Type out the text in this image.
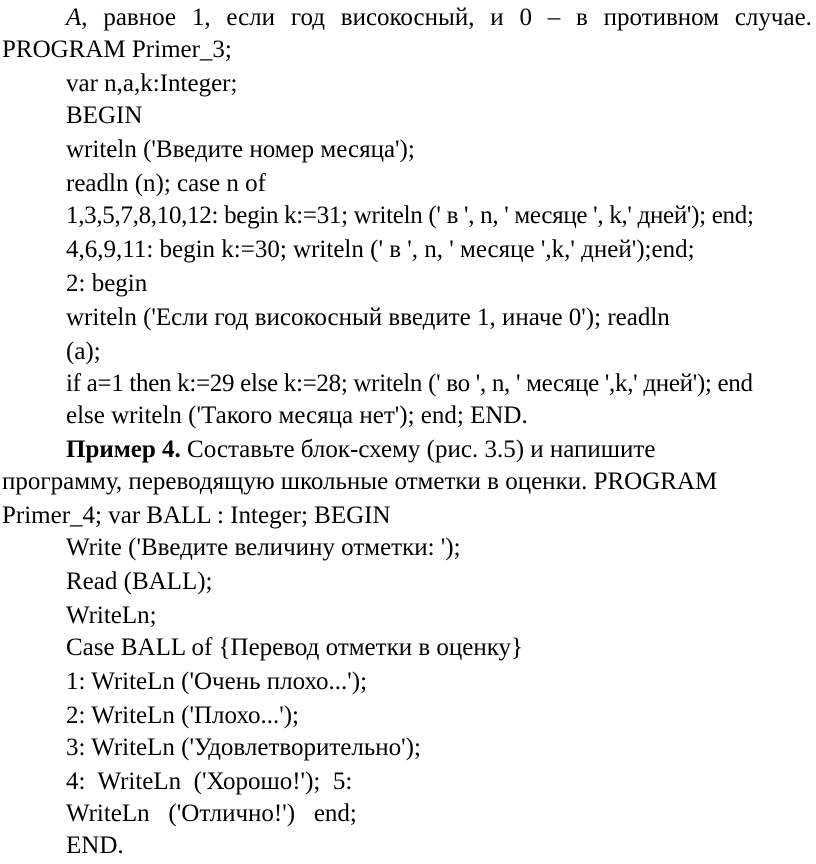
A, равное 1, если год високосный, и 0 – в противном случае.
PROGRAM Primer_3;
var n,a,k:Integer;
BEGIN
writeln ('Введите номер месяца');
readln (n); case n of
1,3,5,7,8,10,12: begin k:=31; writeln (' в ', n, ' месяце ', k,' дней'); end;
4,6,9,11: begin k:=30; writeln (' в ', n, ' месяце ',k,' дней');end;
2: begin
writeln ('Если год високосный введите 1, иначе 0'); readln
(a);
if a=1 then k:=29 else k:=28; writeln (' во ', n, ' месяце ',k,' дней'); end
else writeln ('Такого месяца нет'); end; END.
Пример 4. Составьте блок-схему (рис. 3.5) и напишите
программу, переводящую школьные отметки в оценки. PROGRAM
Primer_4; var BALL : Integer; BEGIN
Write ('Введите величину отметки: ');
Read (BALL);
WriteLn;
Case BALL of {Перевод отметки в оценку}
1: WriteLn ('Очень плохо...');
2: WriteLn ('Плохо...');
3: WriteLn ('Удовлетворительно');
4:  WriteLn  ('Хорошо!');  5:
WriteLn   ('Отлично!')   end;
END.
